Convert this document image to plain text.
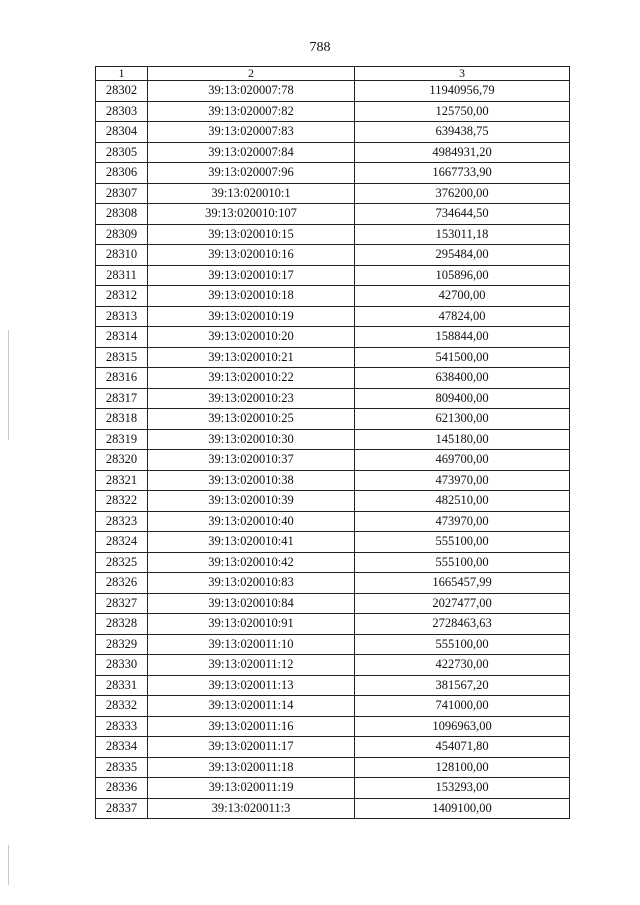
788
1	2	3
28302	39:13:020007:78	11940956,79
28303	39:13:020007:82	125750,00
28304	39:13:020007:83	639438,75
28305	39:13:020007:84	4984931,20
28306	39:13:020007:96	1667733,90
28307	39:13:020010:1	376200,00
28308	39:13:020010:107	734644,50
28309	39:13:020010:15	153011,18
28310	39:13:020010:16	295484,00
28311	39:13:020010:17	105896,00
28312	39:13:020010:18	42700,00
28313	39:13:020010:19	47824,00
28314	39:13:020010:20	158844,00
28315	39:13:020010:21	541500,00
28316	39:13:020010:22	638400,00
28317	39:13:020010:23	809400,00
28318	39:13:020010:25	621300,00
28319	39:13:020010:30	145180,00
28320	39:13:020010:37	469700,00
28321	39:13:020010:38	473970,00
28322	39:13:020010:39	482510,00
28323	39:13:020010:40	473970,00
28324	39:13:020010:41	555100,00
28325	39:13:020010:42	555100,00
28326	39:13:020010:83	1665457,99
28327	39:13:020010:84	2027477,00
28328	39:13:020010:91	2728463,63
28329	39:13:020011:10	555100,00
28330	39:13:020011:12	422730,00
28331	39:13:020011:13	381567,20
28332	39:13:020011:14	741000,00
28333	39:13:020011:16	1096963,00
28334	39:13:020011:17	454071,80
28335	39:13:020011:18	128100,00
28336	39:13:020011:19	153293,00
28337	39:13:020011:3	1409100,00
